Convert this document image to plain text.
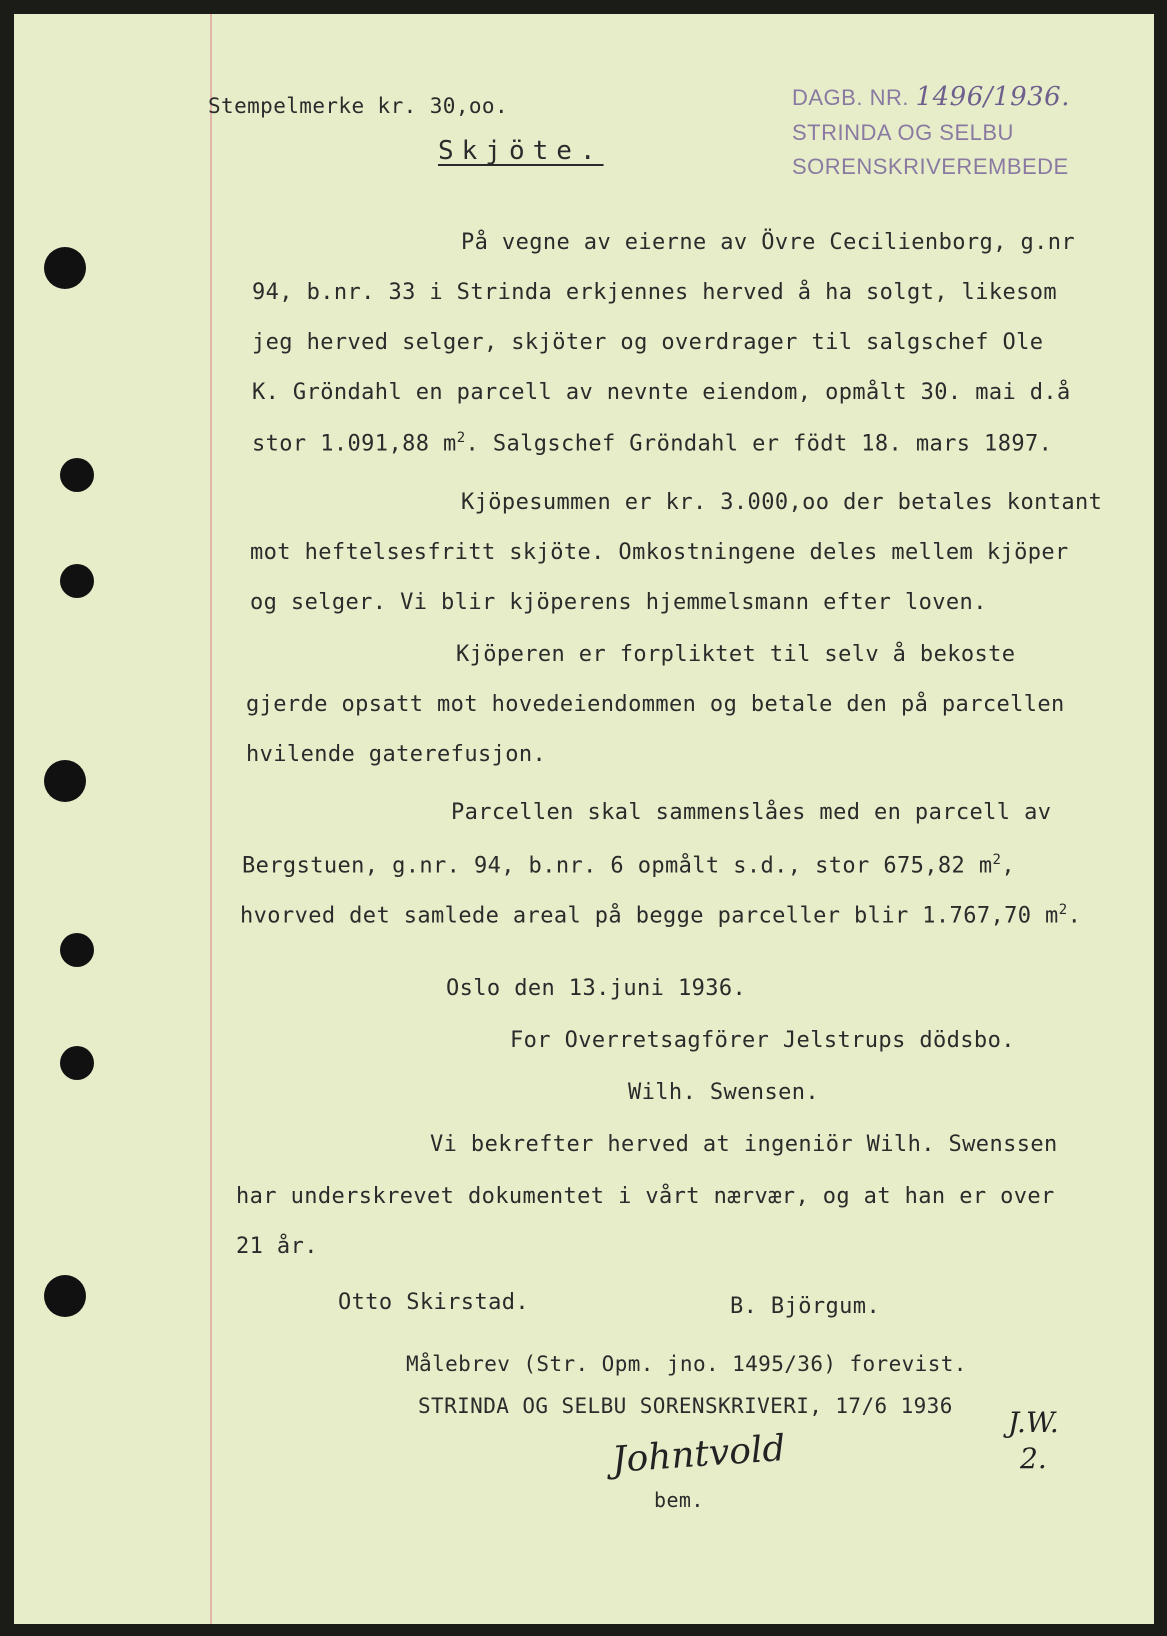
DAGB. NR. 1496/1936.
STRINDA OG SELBU
SORENSKRIVEREMBEDE
Stempelmerke kr. 30,oo.
Skjöte.
På vegne av eierne av Övre Cecilienborg, g.nr
94, b.nr. 33 i Strinda erkjennes herved å ha solgt, likesom
jeg herved selger, skjöter og overdrager til salgschef Ole
K. Gröndahl en parcell av nevnte eiendom, opmålt 30. mai d.å
stor 1.091,88 $m^2$. Salgschef Gröndahl er födt 18. mars 1897.
Kjöpesummen er kr. 3.000,oo der betales kontant
mot heftelsesfritt skjöte. Omkostningene deles mellem kjöper
og selger. Vi blir kjöperens hjemmelsmann efter loven.
Kjöperen er forpliktet til selv å bekoste
gjerde opsatt mot hovedeiendommen og betale den på parcellen
hvilende gaterefusjon.
Parcellen skal sammenslåes med en parcell av
Bergstuen, g.nr. 94, b.nr. 6 opmålt s.d., stor 675,82 $m^2$,
hvorved det samlede areal på begge parceller blir 1.767,70 $m^2$.
Oslo den 13.juni 1936.
For Overretsagförer Jelstrups dödsbo.
Wilh. Swensen.
Vi bekrefter herved at ingeniör Wilh. Swenssen
har underskrevet dokumentet i vårt nærvær, og at han er over
21 år.
Otto Skirstad.	B. Björgum.
Målebrev (Str. Opm. jno. 1495/36) forevist.
STRINDA OG SELBU SORENSKRIVERI, 17/6 1936
Johntvold
bem.
J.W.
2.
